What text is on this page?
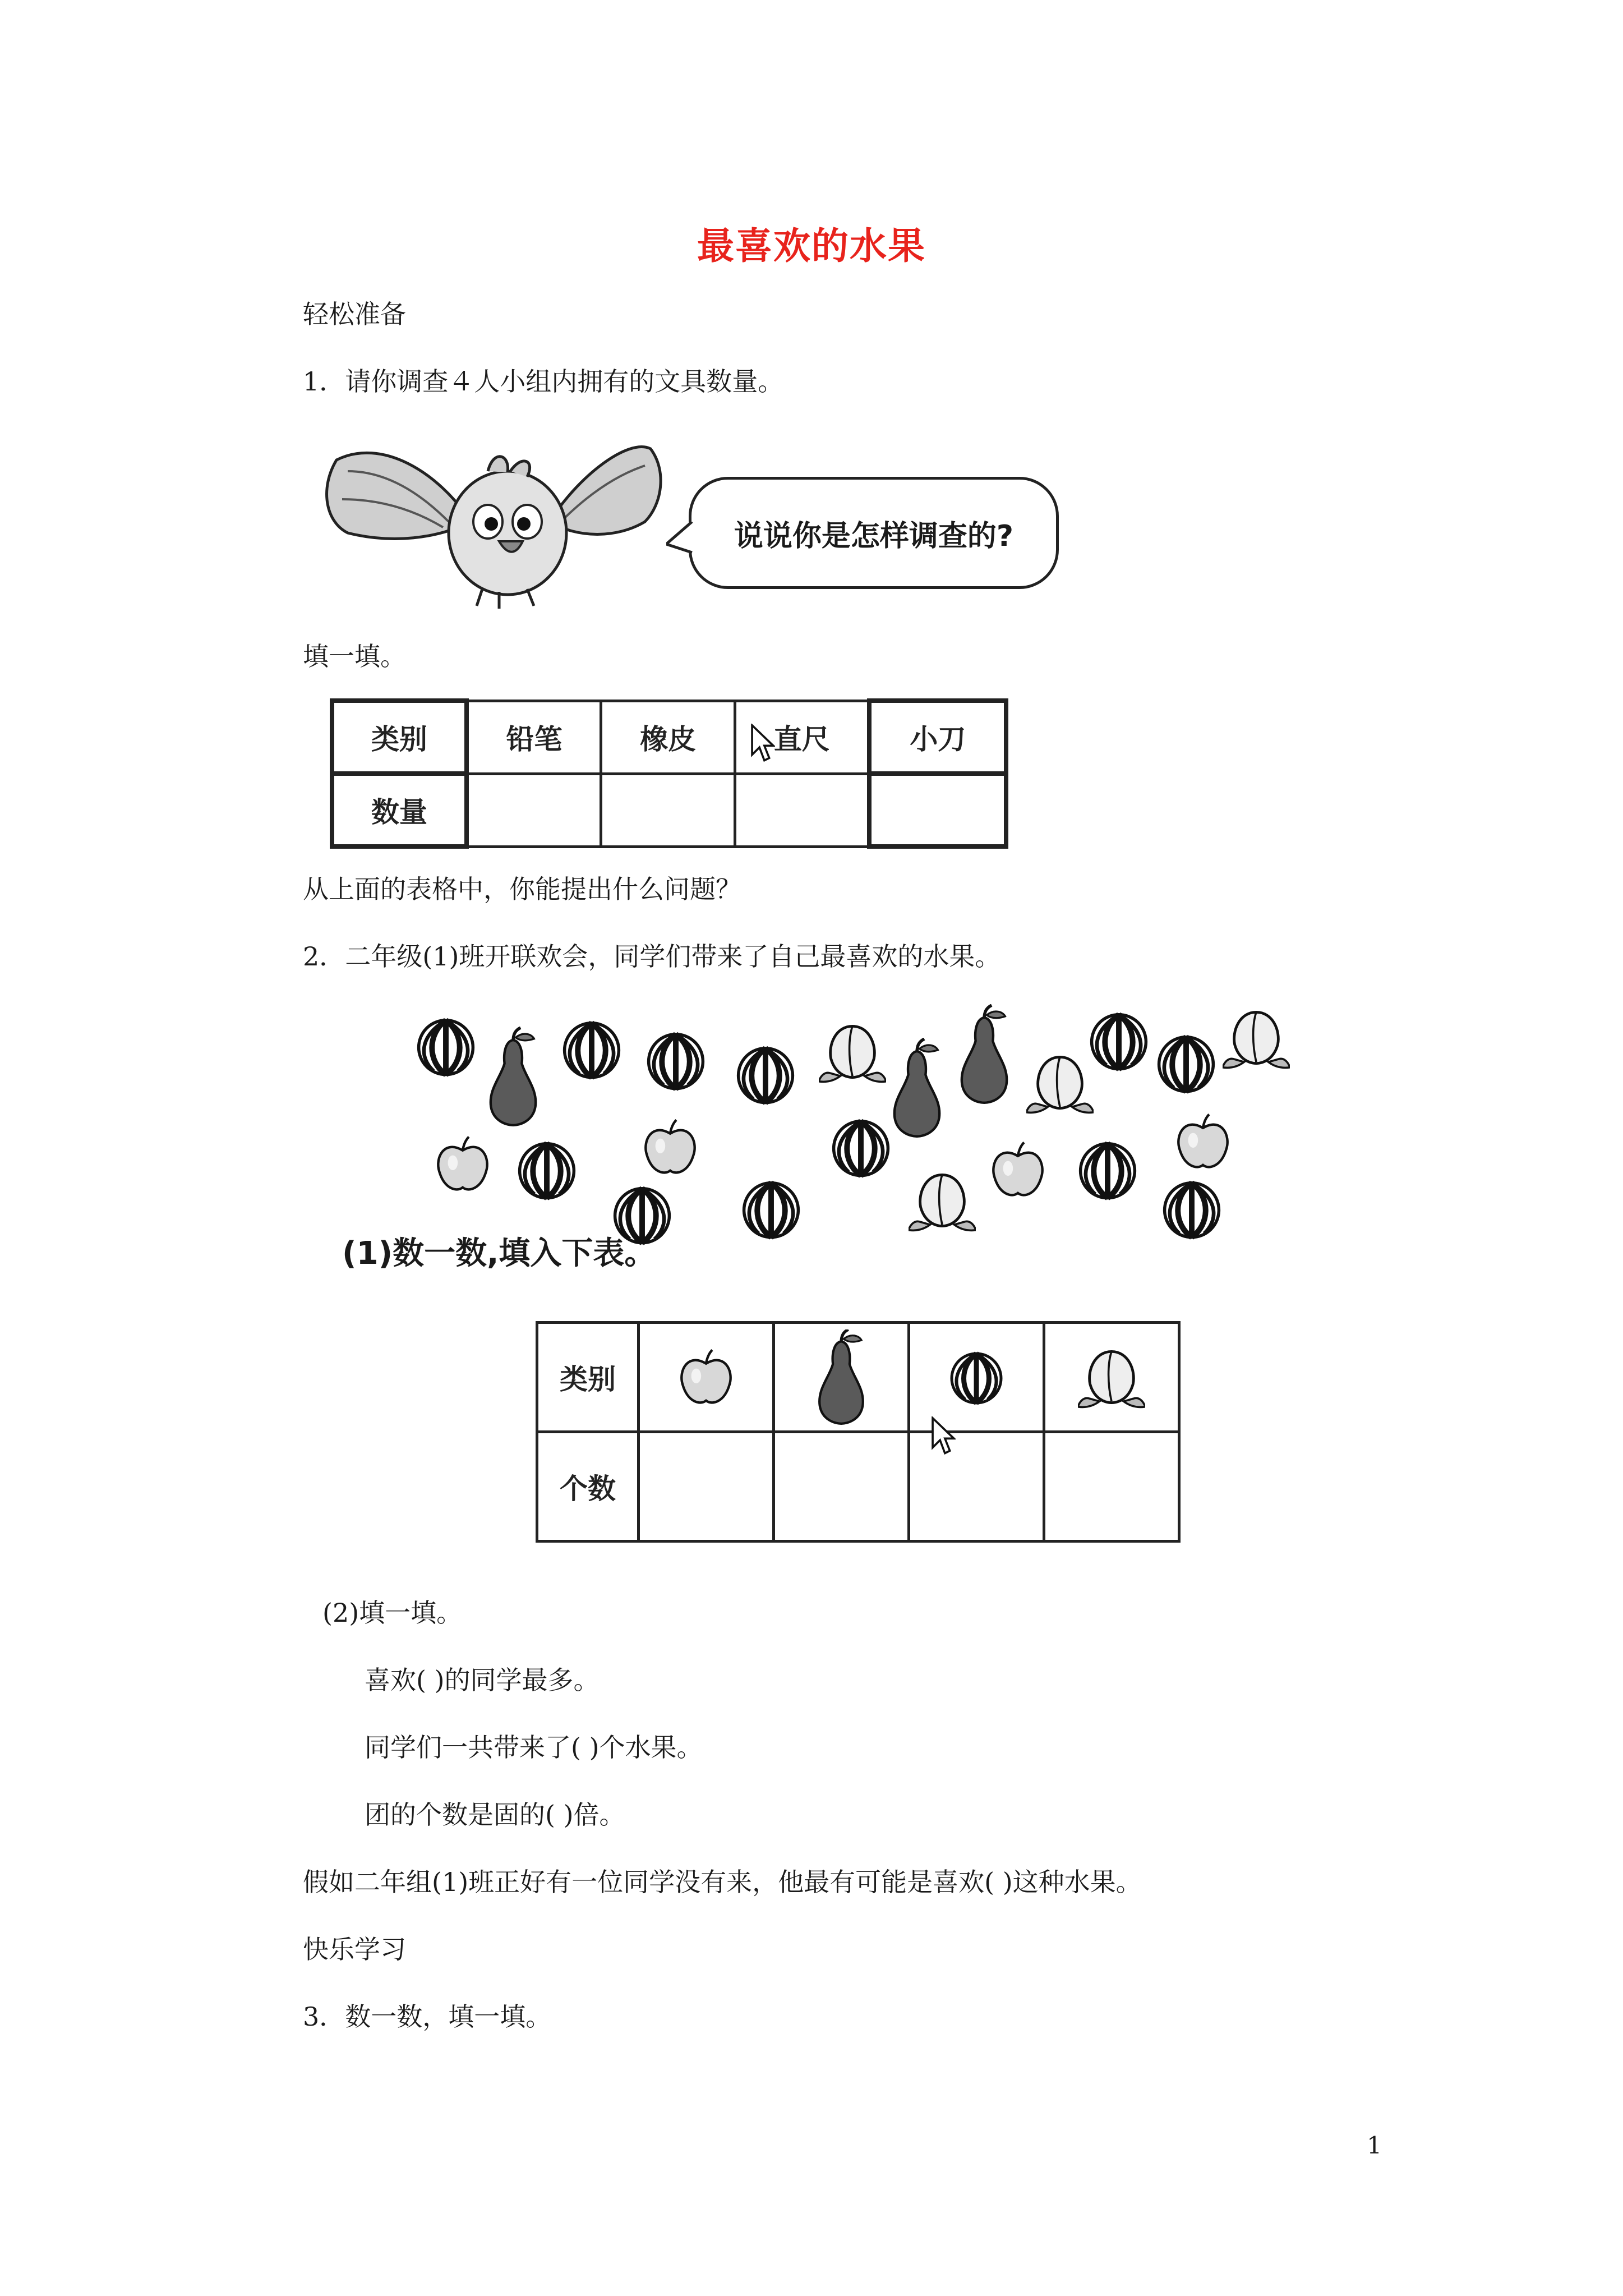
最喜欢的水果
轻松准备
1．请你调查４人小组内拥有的文具数量。
说说你是怎样调查的?
填一填。
类别	铅笔	橡皮	直尺	小刀
数量				
从上面的表格中，你能提出什么问题？
2．二年级(1)班开联欢会，同学们带来了自己最喜欢的水果。
(1)数一数,填入下表。
类别	

个数				
(2)填一填。
喜欢( )的同学最多。
同学们一共带来了( )个水果。
团的个数是固的( )倍。
假如二年组(1)班正好有一位同学没有来，他最有可能是喜欢( )这种水果。
快乐学习
3．数一数，填一填。
1
